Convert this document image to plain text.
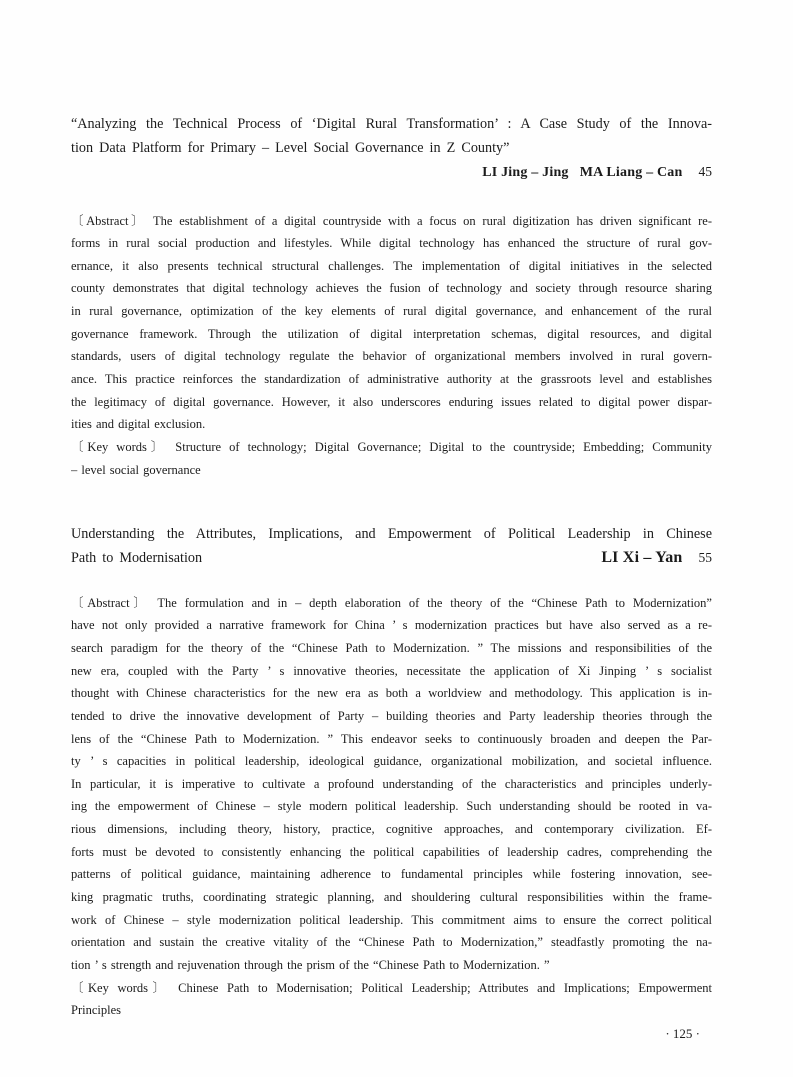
“Analyzing the Technical Process of ‘Digital Rural Transformation’ : A Case Study of the Innova-
tion Data Platform for Primary – Level Social Governance in Z County”
LI Jing – Jing   MA Liang – Can 45
〔Abstract〕 The establishment of a digital countryside with a focus on rural digitization has driven significant re-
forms in rural social production and lifestyles. While digital technology has enhanced the structure of rural gov-
ernance, it also presents technical structural challenges. The implementation of digital initiatives in the selected
county demonstrates that digital technology achieves the fusion of technology and society through resource sharing
in rural governance, optimization of the key elements of rural digital governance, and enhancement of the rural
governance framework. Through the utilization of digital interpretation schemas, digital resources, and digital
standards, users of digital technology regulate the behavior of organizational members involved in rural govern-
ance. This practice reinforces the standardization of administrative authority at the grassroots level and establishes
the legitimacy of digital governance. However, it also underscores enduring issues related to digital power dispar-
ities and digital exclusion.
〔Key words〕 Structure of technology; Digital Governance; Digital to the countryside; Embedding; Community
– level social governance
Understanding the Attributes, Implications, and Empowerment of Political Leadership in Chinese
Path to Modernisation	LI Xi – Yan 55
〔Abstract〕 The formulation and in – depth elaboration of the theory of the “Chinese Path to Modernization”
have not only provided a narrative framework for China ’ s modernization practices but have also served as a re-
search paradigm for the theory of the “Chinese Path to Modernization. ” The missions and responsibilities of the
new era, coupled with the Party ’ s innovative theories, necessitate the application of Xi Jinping ’ s socialist
thought with Chinese characteristics for the new era as both a worldview and methodology. This application is in-
tended to drive the innovative development of Party – building theories and Party leadership theories through the
lens of the “Chinese Path to Modernization. ” This endeavor seeks to continuously broaden and deepen the Par-
ty ’ s capacities in political leadership, ideological guidance, organizational mobilization, and societal influence.
In particular, it is imperative to cultivate a profound understanding of the characteristics and principles underly-
ing the empowerment of Chinese – style modern political leadership. Such understanding should be rooted in va-
rious dimensions, including theory, history, practice, cognitive approaches, and contemporary civilization. Ef-
forts must be devoted to consistently enhancing the political capabilities of leadership cadres, comprehending the
patterns of political guidance, maintaining adherence to fundamental principles while fostering innovation, see-
king pragmatic truths, coordinating strategic planning, and shouldering cultural responsibilities within the frame-
work of Chinese – style modernization political leadership. This commitment aims to ensure the correct political
orientation and sustain the creative vitality of the “Chinese Path to Modernization,” steadfastly promoting the na-
tion ’ s strength and rejuvenation through the prism of the “Chinese Path to Modernization. ”
〔Key words〕 Chinese Path to Modernisation; Political Leadership; Attributes and Implications; Empowerment
Principles
· 125 ·
